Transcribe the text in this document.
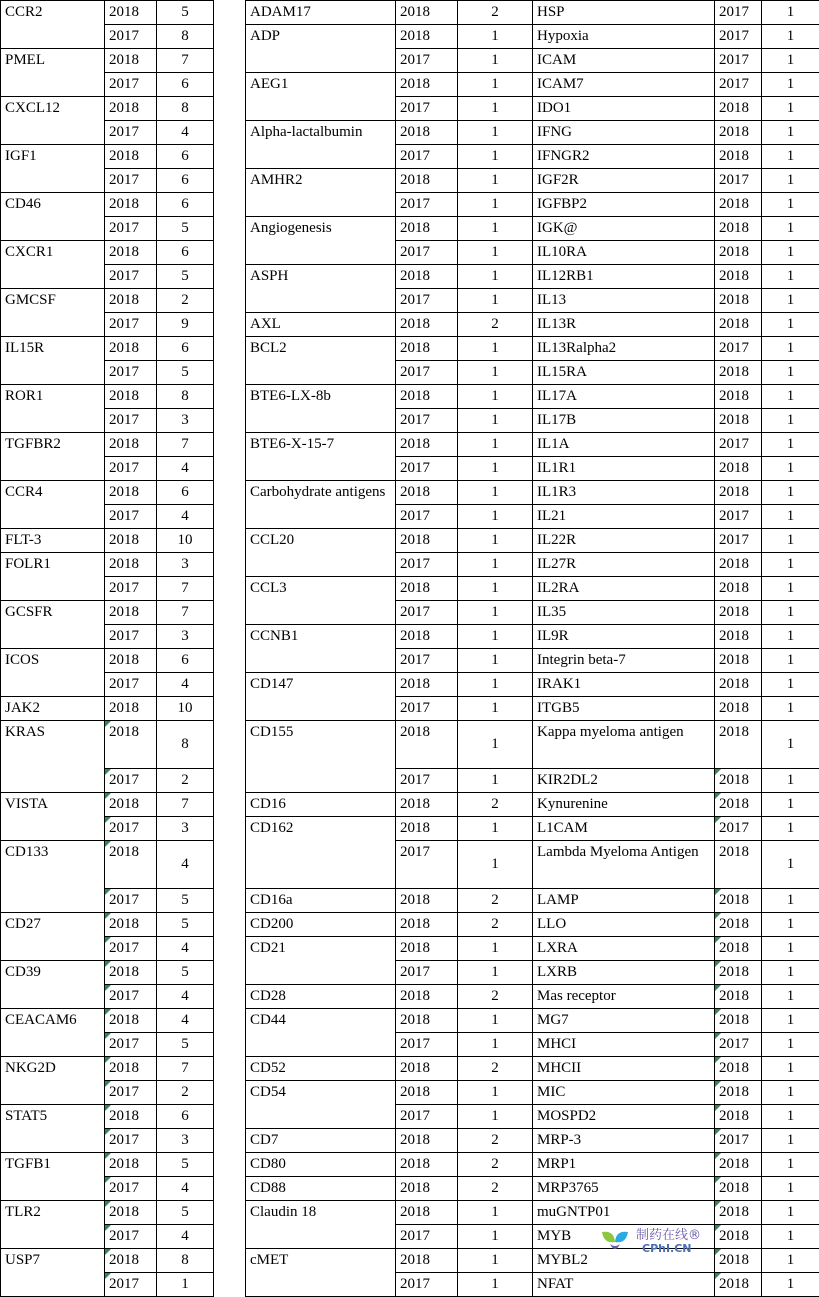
CCR2	2018	5
	2017	8
PMEL	2018	7
	2017	6
CXCL12	2018	8
	2017	4
IGF1	2018	6
	2017	6
CD46	2018	6
	2017	5
CXCR1	2018	6
	2017	5
GMCSF	2018	2
	2017	9
IL15R	2018	6
	2017	5
ROR1	2018	8
	2017	3
TGFBR2	2018	7
	2017	4
CCR4	2018	6
	2017	4
FLT-3	2018	10
FOLR1	2018	3
	2017	7
GCSFR	2018	7
	2017	3
ICOS	2018	6
	2017	4
JAK2	2018	10
KRAS	2018	8
	2017	2
VISTA	2018	7
	2017	3
CD133	2018	4
	2017	5
CD27	2018	5
	2017	4
CD39	2018	5
	2017	4
CEACAM6	2018	4
	2017	5
NKG2D	2018	7
	2017	2
STAT5	2018	6
	2017	3
TGFB1	2018	5
	2017	4
TLR2	2018	5
	2017	4
USP7	2018	8
	2017	1
ADAM17	2018	2
ADP	2018	1
	2017	1
AEG1	2018	1
	2017	1
Alpha-lactalbumin	2018	1
	2017	1
AMHR2	2018	1
	2017	1
Angiogenesis	2018	1
	2017	1
ASPH	2018	1
	2017	1
AXL	2018	2
BCL2	2018	1
	2017	1
BTE6-LX-8b	2018	1
	2017	1
BTE6-X-15-7	2018	1
	2017	1
Carbohydrate antigens	2018	1
	2017	1
CCL20	2018	1
	2017	1
CCL3	2018	1
	2017	1
CCNB1	2018	1
	2017	1
CD147	2018	1
	2017	1
CD155	2018	1
	2017	1
CD16	2018	2
CD162	2018	1
	2017	1
CD16a	2018	2
CD200	2018	2
CD21	2018	1
	2017	1
CD28	2018	2
CD44	2018	1
	2017	1
CD52	2018	2
CD54	2018	1
	2017	1
CD7	2018	2
CD80	2018	2
CD88	2018	2
Claudin 18	2018	1
	2017	1
cMET	2018	1
	2017	1
HSP	2017	1
Hypoxia	2017	1
ICAM	2017	1
ICAM7	2017	1
IDO1	2018	1
IFNG	2018	1
IFNGR2	2018	1
IGF2R	2017	1
IGFBP2	2018	1
IGK@	2018	1
IL10RA	2018	1
IL12RB1	2018	1
IL13	2018	1
IL13R	2018	1
IL13Ralpha2	2017	1
IL15RA	2018	1
IL17A	2018	1
IL17B	2018	1
IL1A	2017	1
IL1R1	2018	1
IL1R3	2018	1
IL21	2017	1
IL22R	2017	1
IL27R	2018	1
IL2RA	2018	1
IL35	2018	1
IL9R	2018	1
Integrin beta-7	2018	1
IRAK1	2018	1
ITGB5	2018	1
Kappa myeloma antigen	2018	1
KIR2DL2	2018	1
Kynurenine	2018	1
L1CAM	2017	1
Lambda Myeloma Antigen	2018	1
LAMP	2018	1
LLO	2018	1
LXRA	2018	1
LXRB	2018	1
Mas receptor	2018	1
MG7	2018	1
MHCI	2017	1
MHCII	2018	1
MIC	2018	1
MOSPD2	2018	1
MRP-3	2017	1
MRP1	2018	1
MRP3765	2018	1
muGNTP01	2018	1
MYB	2018	1
MYBL2	2018	1
NFAT	2018	1
制药在线®
CPhI.CN
